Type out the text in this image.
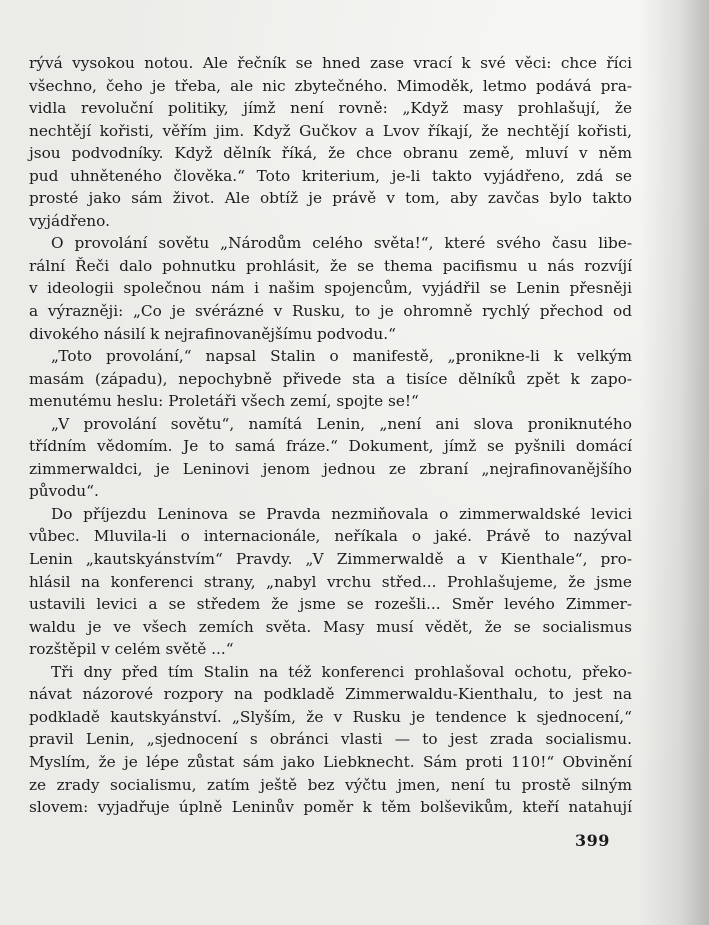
rývá vysokou notou. Ale řečník se hned zase vrací k své věci: chce říci
všechno, čeho je třeba, ale nic zbytečného. Mimoděk, letmo podává pra-
vidla revoluční politiky, jímž není rovně: „Když masy prohlašují, že
nechtějí kořisti, věřím jim. Když Gučkov a Lvov říkají, že nechtějí kořisti,
jsou podvodníky. Když dělník říká, že chce obranu země, mluví v něm
pud uhněteného člověka.“ Toto kriterium, je-li takto vyjádřeno, zdá se
prosté jako sám život. Ale obtíž je právě v tom, aby zavčas bylo takto
vyjádřeno.
O provolání sovětu „Národům celého světa!“, které svého času libe-
rální Řeči dalo pohnutku prohlásit, že se thema pacifismu u nás rozvíjí
v ideologii společnou nám i našim spojencům, vyjádřil se Lenin přesněji
a výrazněji: „Co je svérázné v Rusku, to je ohromně rychlý přechod od
divokého násilí k nejrafinovanějšímu podvodu.“
„Toto provolání,“ napsal Stalin o manifestě, „pronikne-li k velkým
masám (západu), nepochybně přivede sta a tisíce dělníků zpět k zapo-
menutému heslu: Proletáři všech zemí, spojte se!“
„V provolání sovětu“, namítá Lenin, „není ani slova proniknutého
třídním vědomím. Je to samá fráze.“ Dokument, jímž se pyšnili domácí
zimmerwaldci, je Leninovi jenom jednou ze zbraní „nejrafinovanějšího
původu“.
Do příjezdu Leninova se Pravda nezmiňovala o zimmerwaldské levici
vůbec. Mluvila-li o internacionále, neříkala o jaké. Právě to nazýval
Lenin „kautskyánstvím“ Pravdy. „V Zimmerwaldě a v Kienthale“, pro-
hlásil na konferenci strany, „nabyl vrchu střed... Prohlašujeme, že jsme
ustavili levici a se středem že jsme se rozešli... Směr levého Zimmer-
waldu je ve všech zemích světa. Masy musí vědět, že se socialismus
rozštěpil v celém světě ...“
Tři dny před tím Stalin na též konferenci prohlašoval ochotu, překo-
návat názorové rozpory na podkladě Zimmerwaldu-Kienthalu, to jest na
podkladě kautskyánství. „Slyším, že v Rusku je tendence k sjednocení,“
pravil Lenin, „sjednocení s obránci vlasti — to jest zrada socialismu.
Myslím, že je lépe zůstat sám jako Liebknecht. Sám proti 110!“ Obvinění
ze zrady socialismu, zatím ještě bez výčtu jmen, není tu prostě silným
slovem: vyjadřuje úplně Leninův poměr k těm bolševikům, kteří natahují
399
